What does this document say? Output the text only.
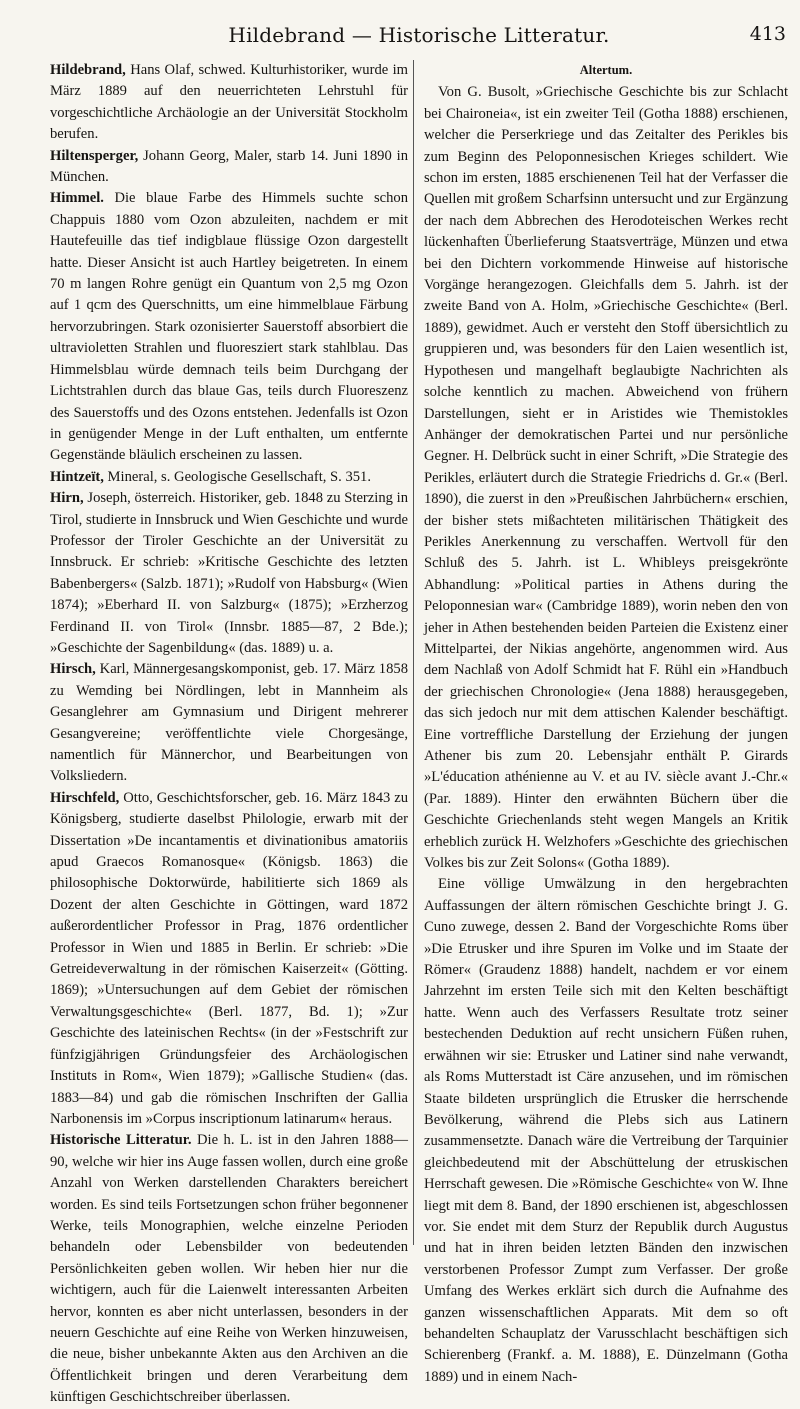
Hildebrand — Historische Litteratur.	413

Hildebrand, Hans Olaf, schwed. Kulturhistoriker, wurde im März 1889 auf den neuerrichteten Lehrstuhl für vorgeschichtliche Archäologie an der Universität Stockholm berufen.

Hiltensperger, Johann Georg, Maler, starb 14. Juni 1890 in München.

Himmel. Die blaue Farbe des Himmels suchte schon Chappuis 1880 vom Ozon abzuleiten, nachdem er mit Hautefeuille das tief indigblaue flüssige Ozon dargestellt hatte. Dieser Ansicht ist auch Hartley beigetreten. In einem 70 m langen Rohre genügt ein Quantum von 2,5 mg Ozon auf 1 qcm des Querschnitts, um eine himmelblaue Färbung hervorzubringen. Stark ozonisierter Sauerstoff absorbiert die ultravioletten Strahlen und fluoresziert stark stahlblau. Das Himmelsblau würde demnach teils beim Durchgang der Lichtstrahlen durch das blaue Gas, teils durch Fluoreszenz des Sauerstoffs und des Ozons entstehen. Jedenfalls ist Ozon in genügender Menge in der Luft enthalten, um entfernte Gegenstände bläulich erscheinen zu lassen.

Hintzeït, Mineral, s. Geologische Gesellschaft, S. 351.

Hirn, Joseph, österreich. Historiker, geb. 1848 zu Sterzing in Tirol, studierte in Innsbruck und Wien Geschichte und wurde Professor der Tiroler Geschichte an der Universität zu Innsbruck. Er schrieb: »Kritische Geschichte des letzten Babenbergers« (Salzb. 1871); »Rudolf von Habsburg« (Wien 1874); »Eberhard II. von Salzburg« (1875); »Erzherzog Ferdinand II. von Tirol« (Innsbr. 1885—87, 2 Bde.); »Geschichte der Sagenbildung« (das. 1889) u. a.

Hirsch, Karl, Männergesangskomponist, geb. 17. März 1858 zu Wemding bei Nördlingen, lebt in Mannheim als Gesanglehrer am Gymnasium und Dirigent mehrerer Gesangvereine; veröffentlichte viele Chorgesänge, namentlich für Männerchor, und Bearbeitungen von Volksliedern.

Hirschfeld, Otto, Geschichtsforscher, geb. 16. März 1843 zu Königsberg, studierte daselbst Philologie, erwarb mit der Dissertation »De incantamentis et divinationibus amatoriis apud Graecos Romanosque« (Königsb. 1863) die philosophische Doktorwürde, habilitierte sich 1869 als Dozent der alten Geschichte in Göttingen, ward 1872 außerordentlicher Professor in Prag, 1876 ordentlicher Professor in Wien und 1885 in Berlin. Er schrieb: »Die Getreideverwaltung in der römischen Kaiserzeit« (Götting. 1869); »Untersuchungen auf dem Gebiet der römischen Verwaltungsgeschichte« (Berl. 1877, Bd. 1); »Zur Geschichte des lateinischen Rechts« (in der »Festschrift zur fünfzigjährigen Gründungsfeier des Archäologischen Instituts in Rom«, Wien 1879); »Gallische Studien« (das. 1883—84) und gab die römischen Inschriften der Gallia Narbonensis im »Corpus inscriptionum latinarum« heraus.

Historische Litteratur. Die h. L. ist in den Jahren 1888—90, welche wir hier ins Auge fassen wollen, durch eine große Anzahl von Werken darstellenden Charakters bereichert worden. Es sind teils Fortsetzungen schon früher begonnener Werke, teils Monographien, welche einzelne Perioden behandeln oder Lebensbilder von bedeutenden Persönlichkeiten geben wollen. Wir heben hier nur die wichtigern, auch für die Laienwelt interessanten Arbeiten hervor, konnten es aber nicht unterlassen, besonders in der neuern Geschichte auf eine Reihe von Werken hinzuweisen, die neue, bisher unbekannte Akten aus den Archiven an die Öffentlichkeit bringen und deren Verarbeitung dem künftigen Geschichtschreiber überlassen.

Altertum.

Von G. Busolt, »Griechische Geschichte bis zur Schlacht bei Chaironeia«, ist ein zweiter Teil (Gotha 1888) erschienen, welcher die Perserkriege und das Zeitalter des Perikles bis zum Beginn des Peloponnesischen Krieges schildert. Wie schon im ersten, 1885 erschienenen Teil hat der Verfasser die Quellen mit großem Scharfsinn untersucht und zur Ergänzung der nach dem Abbrechen des Herodoteischen Werkes recht lückenhaften Überlieferung Staatsverträge, Münzen und etwa bei den Dichtern vorkommende Hinweise auf historische Vorgänge herangezogen. Gleichfalls dem 5. Jahrh. ist der zweite Band von A. Holm, »Griechische Geschichte« (Berl. 1889), gewidmet. Auch er versteht den Stoff übersichtlich zu gruppieren und, was besonders für den Laien wesentlich ist, Hypothesen und mangelhaft beglaubigte Nachrichten als solche kenntlich zu machen. Abweichend von frühern Darstellungen, sieht er in Aristides wie Themistokles Anhänger der demokratischen Partei und nur persönliche Gegner. H. Delbrück sucht in einer Schrift, »Die Strategie des Perikles, erläutert durch die Strategie Friedrichs d. Gr.« (Berl. 1890), die zuerst in den »Preußischen Jahrbüchern« erschien, der bisher stets mißachteten militärischen Thätigkeit des Perikles Anerkennung zu verschaffen. Wertvoll für den Schluß des 5. Jahrh. ist L. Whibleys preisgekrönte Abhandlung: »Political parties in Athens during the Peloponnesian war« (Cambridge 1889), worin neben den von jeher in Athen bestehenden beiden Parteien die Existenz einer Mittelpartei, der Nikias angehörte, angenommen wird. Aus dem Nachlaß von Adolf Schmidt hat F. Rühl ein »Handbuch der griechischen Chronologie« (Jena 1888) herausgegeben, das sich jedoch nur mit dem attischen Kalender beschäftigt. Eine vortreffliche Darstellung der Erziehung der jungen Athener bis zum 20. Lebensjahr enthält P. Girards »L'éducation athénienne au V. et au IV. siècle avant J.-Chr.« (Par. 1889). Hinter den erwähnten Büchern über die Geschichte Griechenlands steht wegen Mangels an Kritik erheblich zurück H. Welzhofers »Geschichte des griechischen Volkes bis zur Zeit Solons« (Gotha 1889).

Eine völlige Umwälzung in den hergebrachten Auffassungen der ältern römischen Geschichte bringt J. G. Cuno zuwege, dessen 2. Band der Vorgeschichte Roms über »Die Etrusker und ihre Spuren im Volke und im Staate der Römer« (Graudenz 1888) handelt, nachdem er vor einem Jahrzehnt im ersten Teile sich mit den Kelten beschäftigt hatte. Wenn auch des Verfassers Resultate trotz seiner bestechenden Deduktion auf recht unsichern Füßen ruhen, erwähnen wir sie: Etrusker und Latiner sind nahe verwandt, als Roms Mutterstadt ist Cäre anzusehen, und im römischen Staate bildeten ursprünglich die Etrusker die herrschende Bevölkerung, während die Plebs sich aus Latinern zusammensetzte. Danach wäre die Vertreibung der Tarquinier gleichbedeutend mit der Abschüttelung der etruskischen Herrschaft gewesen. Die »Römische Geschichte« von W. Ihne liegt mit dem 8. Band, der 1890 erschienen ist, abgeschlossen vor. Sie endet mit dem Sturz der Republik durch Augustus und hat in ihren beiden letzten Bänden den inzwischen verstorbenen Professor Zumpt zum Verfasser. Der große Umfang des Werkes erklärt sich durch die Aufnahme des ganzen wissenschaftlichen Apparats. Mit dem so oft behandelten Schauplatz der Varusschlacht beschäftigen sich Schierenberg (Frankf. a. M. 1888), E. Dünzelmann (Gotha 1889) und in einem Nach-
